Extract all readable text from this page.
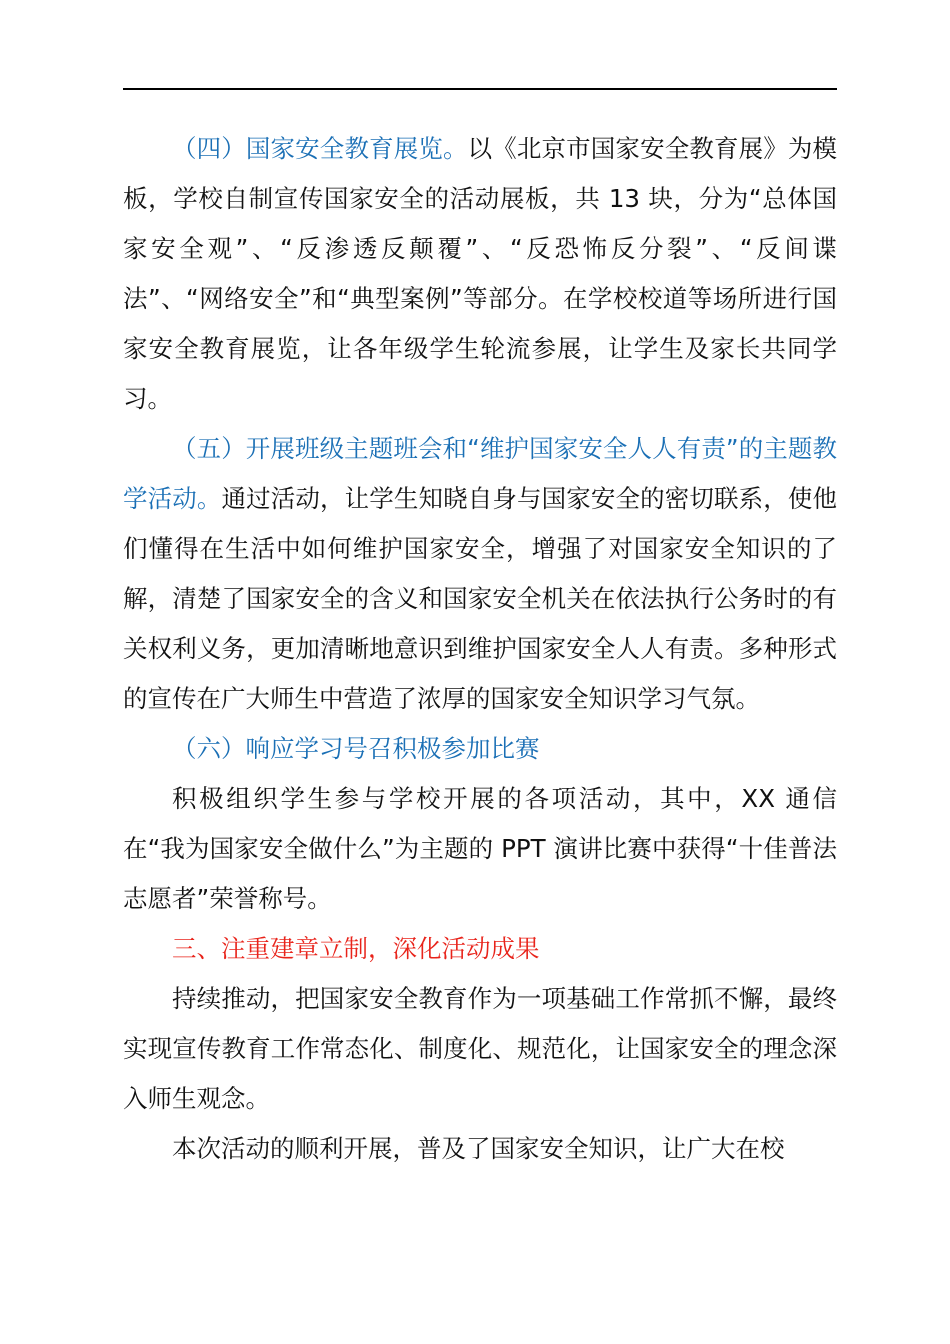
（四）国家安全教育展览。以《北京市国家安全教育展》为模板，学校自制宣传国家安全的活动展板，共 13 块，分为“总体国家安全观”、“反渗透反颠覆”、“反恐怖反分裂”、“反间谍法”、“网络安全”和“典型案例”等部分。在学校校道等场所进行国家安全教育展览，让各年级学生轮流参展，让学生及家长共同学习。

（五）开展班级主题班会和“维护国家安全人人有责”的主题教学活动。通过活动，让学生知晓自身与国家安全的密切联系，使他们懂得在生活中如何维护国家安全，增强了对国家安全知识的了解，清楚了国家安全的含义和国家安全机关在依法执行公务时的有关权利义务，更加清晰地意识到维护国家安全人人有责。多种形式的宣传在广大师生中营造了浓厚的国家安全知识学习气氛。

（六）响应学习号召积极参加比赛

积极组织学生参与学校开展的各项活动，其中，XX 通信在“我为国家安全做什么”为主题的 PPT 演讲比赛中获得“十佳普法志愿者”荣誉称号。

三、注重建章立制，深化活动成果

持续推动，把国家安全教育作为一项基础工作常抓不懈，最终实现宣传教育工作常态化、制度化、规范化，让国家安全的理念深入师生观念。

本次活动的顺利开展，普及了国家安全知识，让广大在校
